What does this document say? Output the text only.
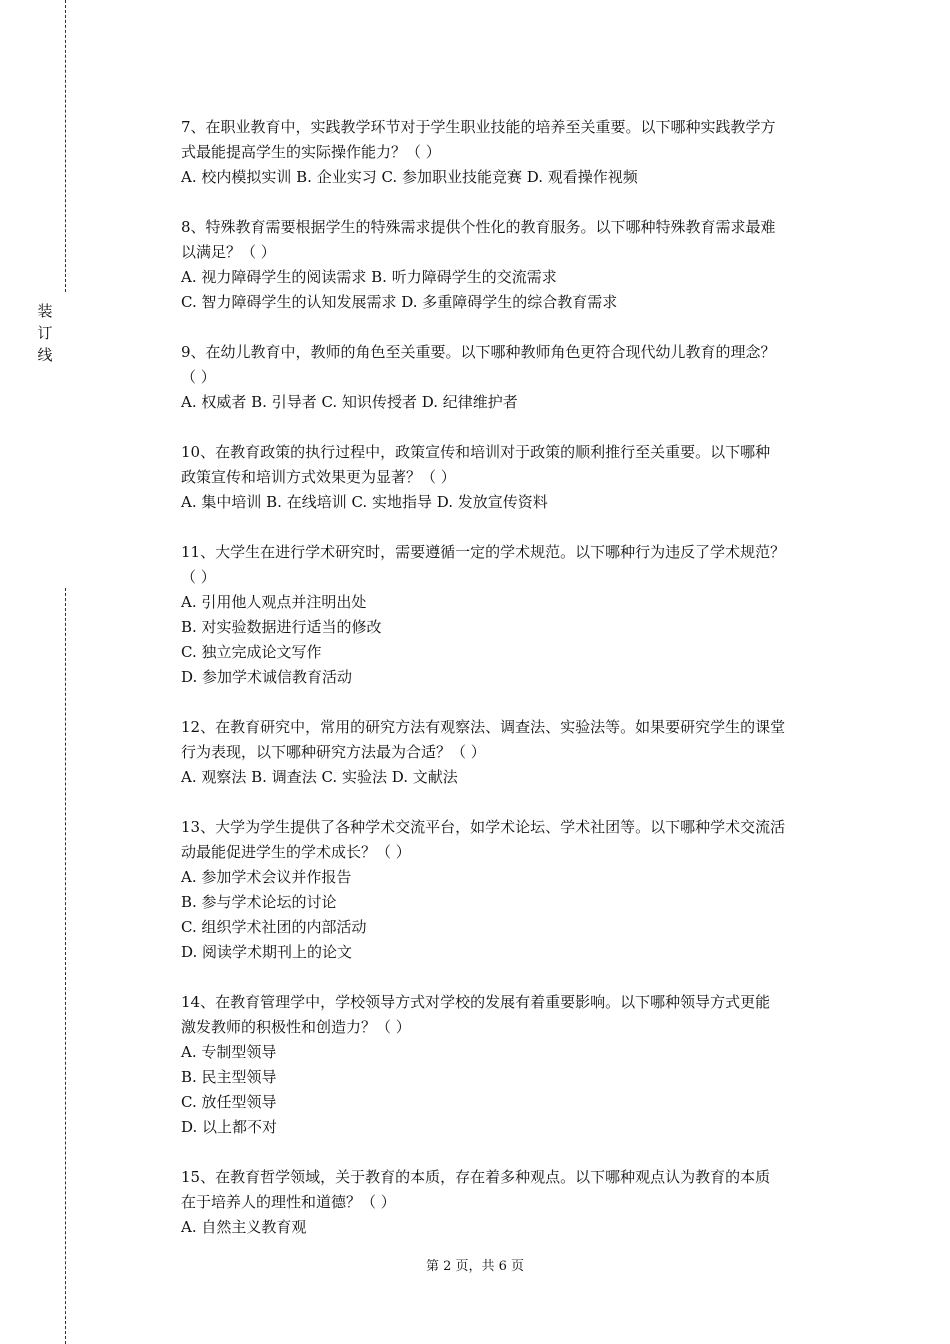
装
订
线

7、在职业教育中，实践教学环节对于学生职业技能的培养至关重要。以下哪种实践教学方

式最能提高学生的实际操作能力？（ ）

A. 校内模拟实训 B. 企业实习 C. 参加职业技能竞赛 D. 观看操作视频

8、特殊教育需要根据学生的特殊需求提供个性化的教育服务。以下哪种特殊教育需求最难

以满足？（ ）

A. 视力障碍学生的阅读需求 B. 听力障碍学生的交流需求

C. 智力障碍学生的认知发展需求 D. 多重障碍学生的综合教育需求

9、在幼儿教育中，教师的角色至关重要。以下哪种教师角色更符合现代幼儿教育的理念？

（ ）

A. 权威者 B. 引导者 C. 知识传授者 D. 纪律维护者

10、在教育政策的执行过程中，政策宣传和培训对于政策的顺利推行至关重要。以下哪种

政策宣传和培训方式效果更为显著？（ ）

A. 集中培训 B. 在线培训 C. 实地指导 D. 发放宣传资料

11、大学生在进行学术研究时，需要遵循一定的学术规范。以下哪种行为违反了学术规范？

（ ）

A. 引用他人观点并注明出处

B. 对实验数据进行适当的修改

C. 独立完成论文写作

D. 参加学术诚信教育活动

12、在教育研究中，常用的研究方法有观察法、调查法、实验法等。如果要研究学生的课堂

行为表现，以下哪种研究方法最为合适？（ ）

A. 观察法 B. 调查法 C. 实验法 D. 文献法

13、大学为学生提供了各种学术交流平台，如学术论坛、学术社团等。以下哪种学术交流活

动最能促进学生的学术成长？（ ）

A. 参加学术会议并作报告

B. 参与学术论坛的讨论

C. 组织学术社团的内部活动

D. 阅读学术期刊上的论文

14、在教育管理学中，学校领导方式对学校的发展有着重要影响。以下哪种领导方式更能

激发教师的积极性和创造力？（ ）

A. 专制型领导

B. 民主型领导

C. 放任型领导

D. 以上都不对

15、在教育哲学领域，关于教育的本质，存在着多种观点。以下哪种观点认为教育的本质

在于培养人的理性和道德？（ ）

A. 自然主义教育观

第 2 页，共 6 页
